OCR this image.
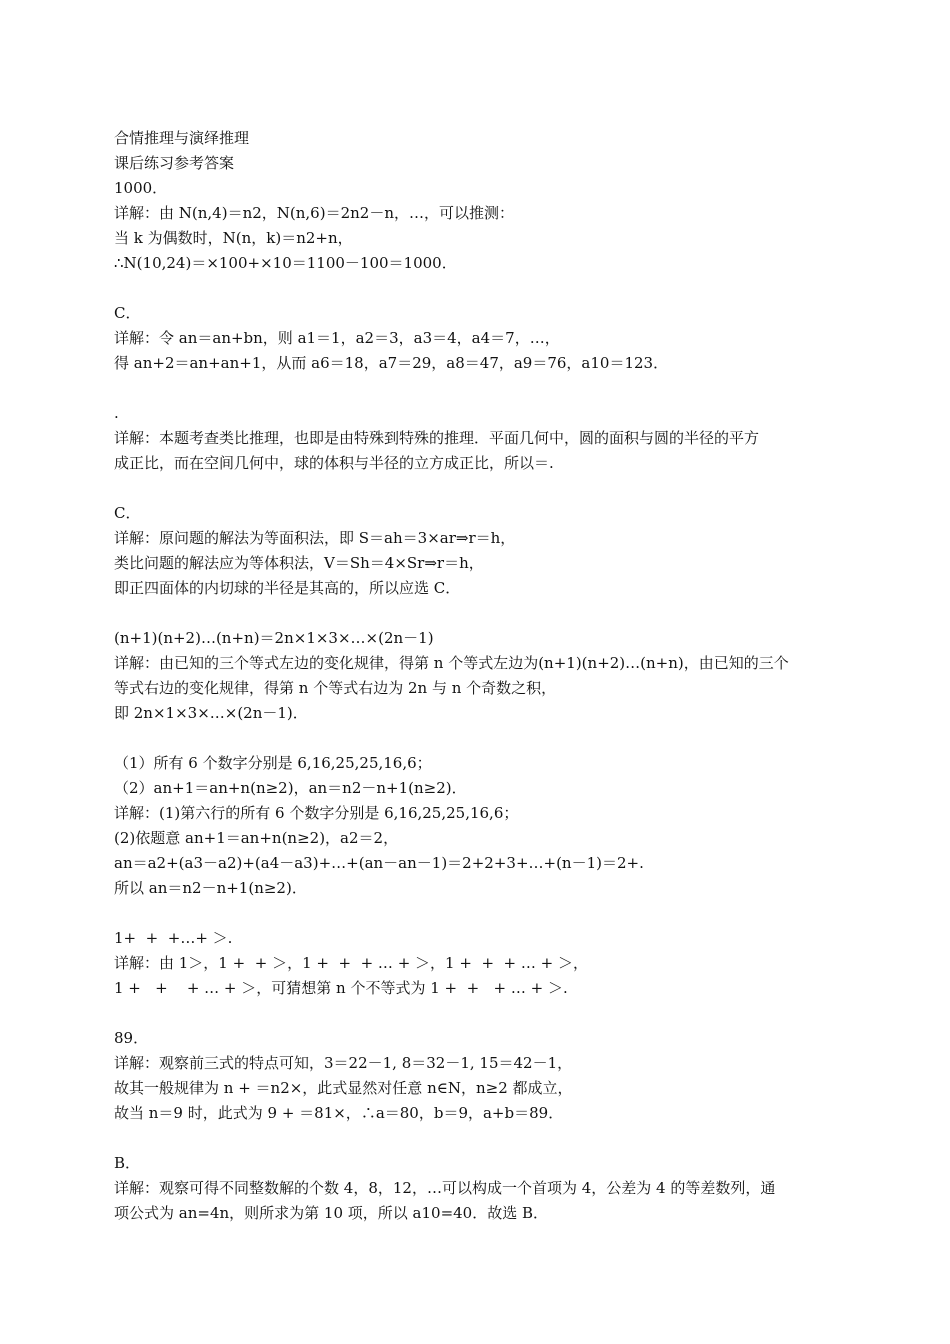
合情推理与演绎推理
课后练习参考答案
1000．
详解：由 N(n,4)＝n2，N(n,6)＝2n2－n，…，可以推测：
当 k 为偶数时，N(n，k)＝n2+n，
∴N(10,24)＝×100+×10＝1100－100＝1000．
C．
详解：令 an＝an+bn，则 a1＝1，a2＝3，a3＝4，a4＝7，…，
得 an+2＝an+an+1，从而 a6＝18，a7＝29，a8＝47，a9＝76，a10＝123．
.
详解：本题考查类比推理，也即是由特殊到特殊的推理．平面几何中，圆的面积与圆的半径的平方
成正比，而在空间几何中，球的体积与半径的立方成正比，所以＝.
C．
详解：原问题的解法为等面积法，即 S＝ah＝3×ar⇒r＝h，
类比问题的解法应为等体积法，V＝Sh＝4×Sr⇒r＝h，
即正四面体的内切球的半径是其高的，所以应选 C．
(n+1)(n+2)…(n+n)＝2n×1×3×…×(2n－1)
详解：由已知的三个等式左边的变化规律，得第 n 个等式左边为(n+1)(n+2)…(n+n)，由已知的三个
等式右边的变化规律，得第 n 个等式右边为 2n 与 n 个奇数之积，
即 2n×1×3×…×(2n－1)．
（1）所有 6 个数字分别是 6,16,25,25,16,6；
（2）an+1＝an+n(n≥2)，an＝n2－n+1(n≥2)．
详解：(1)第六行的所有 6 个数字分别是 6,16,25,25,16,6；
(2)依题意 an+1＝an+n(n≥2)，a2＝2，
an＝a2+(a3－a2)+(a4－a3)+…+(an－an－1)＝2+2+3+…+(n－1)＝2+.
所以 an＝n2－n+1(n≥2)．
1+  +  +…+ ＞.
详解：由 1＞，1 +  + ＞，1 +  +  + … + ＞，1 +  +  + … + ＞，
1 +   +    + … + ＞，可猜想第 n 个不等式为 1 +  +   + … + ＞.
89．
详解：观察前三式的特点可知，3＝22－1, 8＝32－1, 15＝42－1，
故其一般规律为 n + ＝n2×，此式显然对任意 n∈N，n≥2 都成立，
故当 n＝9 时，此式为 9 + ＝81×，∴a＝80，b＝9，a+b＝89．
B．
详解：观察可得不同整数解的个数 4，8，12，…可以构成一个首项为 4，公差为 4 的等差数列，通
项公式为 an=4n，则所求为第 10 项，所以 a10=40．故选 B．
